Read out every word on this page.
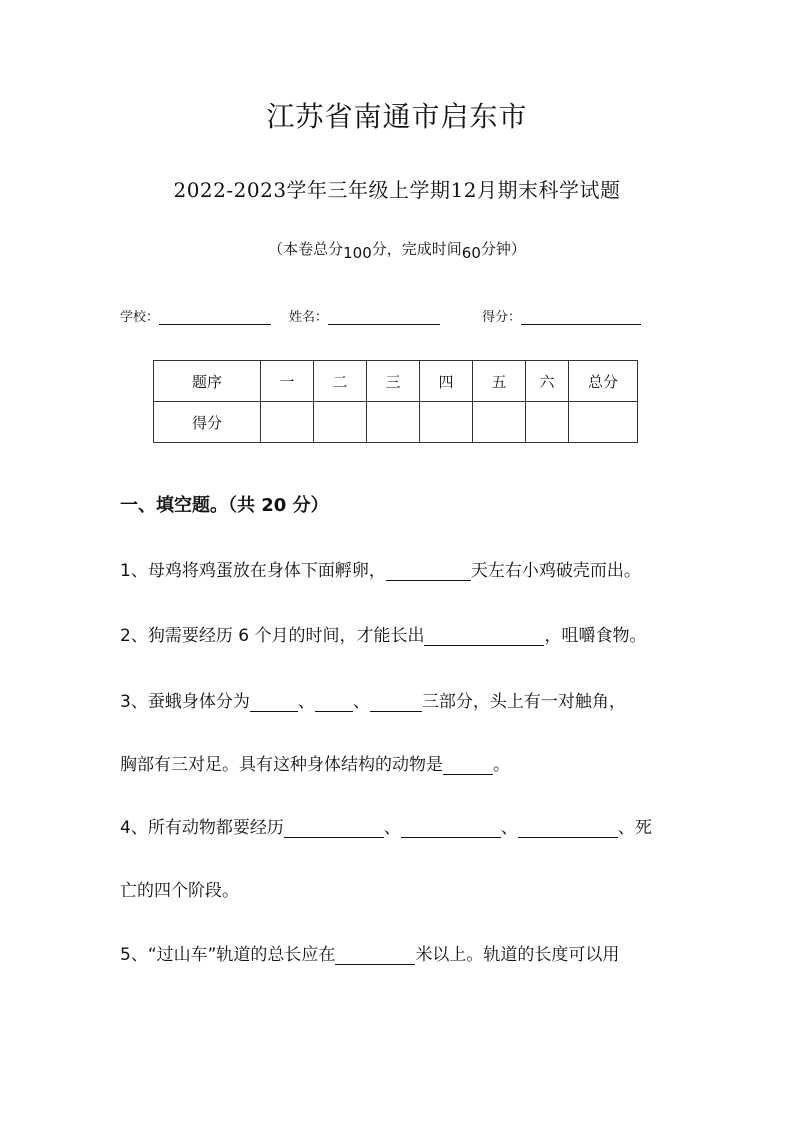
江苏省南通市启东市
2022-2023学年三年级上学期12月期末科学试题
（本卷总分100分，完成时间60分钟）
学校：	姓名：	得分：
题序	一	二	三	四	五	六	总分
得分							
一、填空题。（共 20 分）
1、母鸡将鸡蛋放在身体下面孵卵，	天左右小鸡破壳而出。
2、狗需要经历 6 个月的时间，才能长出	，咀嚼食物。
3、蚕蛾身体分为	、 、	三部分，头上有一对触角，
胸部有三对足。具有这种身体结构的动物是	。
4、所有动物都要经历	、	、	、死
亡的四个阶段。
5、“过山车”轨道的总长应在	米以上。轨道的长度可以用
